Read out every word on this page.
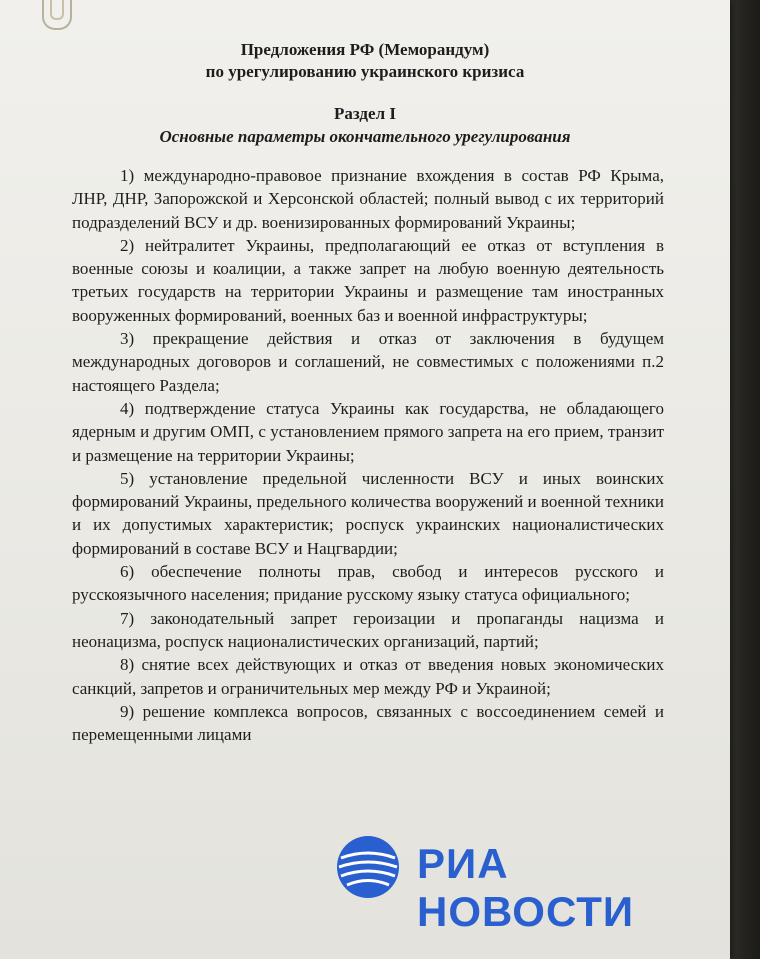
Предложения РФ (Меморандум)
по урегулированию украинского кризиса
Раздел I
Основные параметры окончательного урегулирования

1) международно-правовое признание вхождения в состав РФ Крыма, ЛНР, ДНР, Запорожской и Херсонской областей; полный вывод с их территорий подразделений ВСУ и др. военизированных формирований Украины;

2) нейтралитет Украины, предполагающий ее отказ от вступления в военные союзы и коалиции, а также запрет на любую военную деятельность третьих государств на территории Украины и размещение там иностранных вооруженных формирований, военных баз и военной инфраструктуры;

3) прекращение действия и отказ от заключения в будущем международных договоров и соглашений, не совместимых с положениями п.2 настоящего Раздела;

4) подтверждение статуса Украины как государства, не обладающего ядерным и другим ОМП, с установлением прямого запрета на его прием, транзит и размещение на территории Украины;

5) установление предельной численности ВСУ и иных воинских формирований Украины, предельного количества вооружений и военной техники и их допустимых характеристик; роспуск украинских националистических формирований в составе ВСУ и Нацгвардии;

6) обеспечение полноты прав, свобод и интересов русского и русскоязычного населения; придание русскому языку статуса официального;

7) законодательный запрет героизации и пропаганды нацизма и неонацизма, роспуск националистических организаций, партий;

8) снятие всех действующих и отказ от введения новых экономических санкций, запретов и ограничительных мер между РФ и Украиной;

9) решение комплекса вопросов, связанных с воссоединением семей и перемещенными лицами

РИА НОВОСТИ
